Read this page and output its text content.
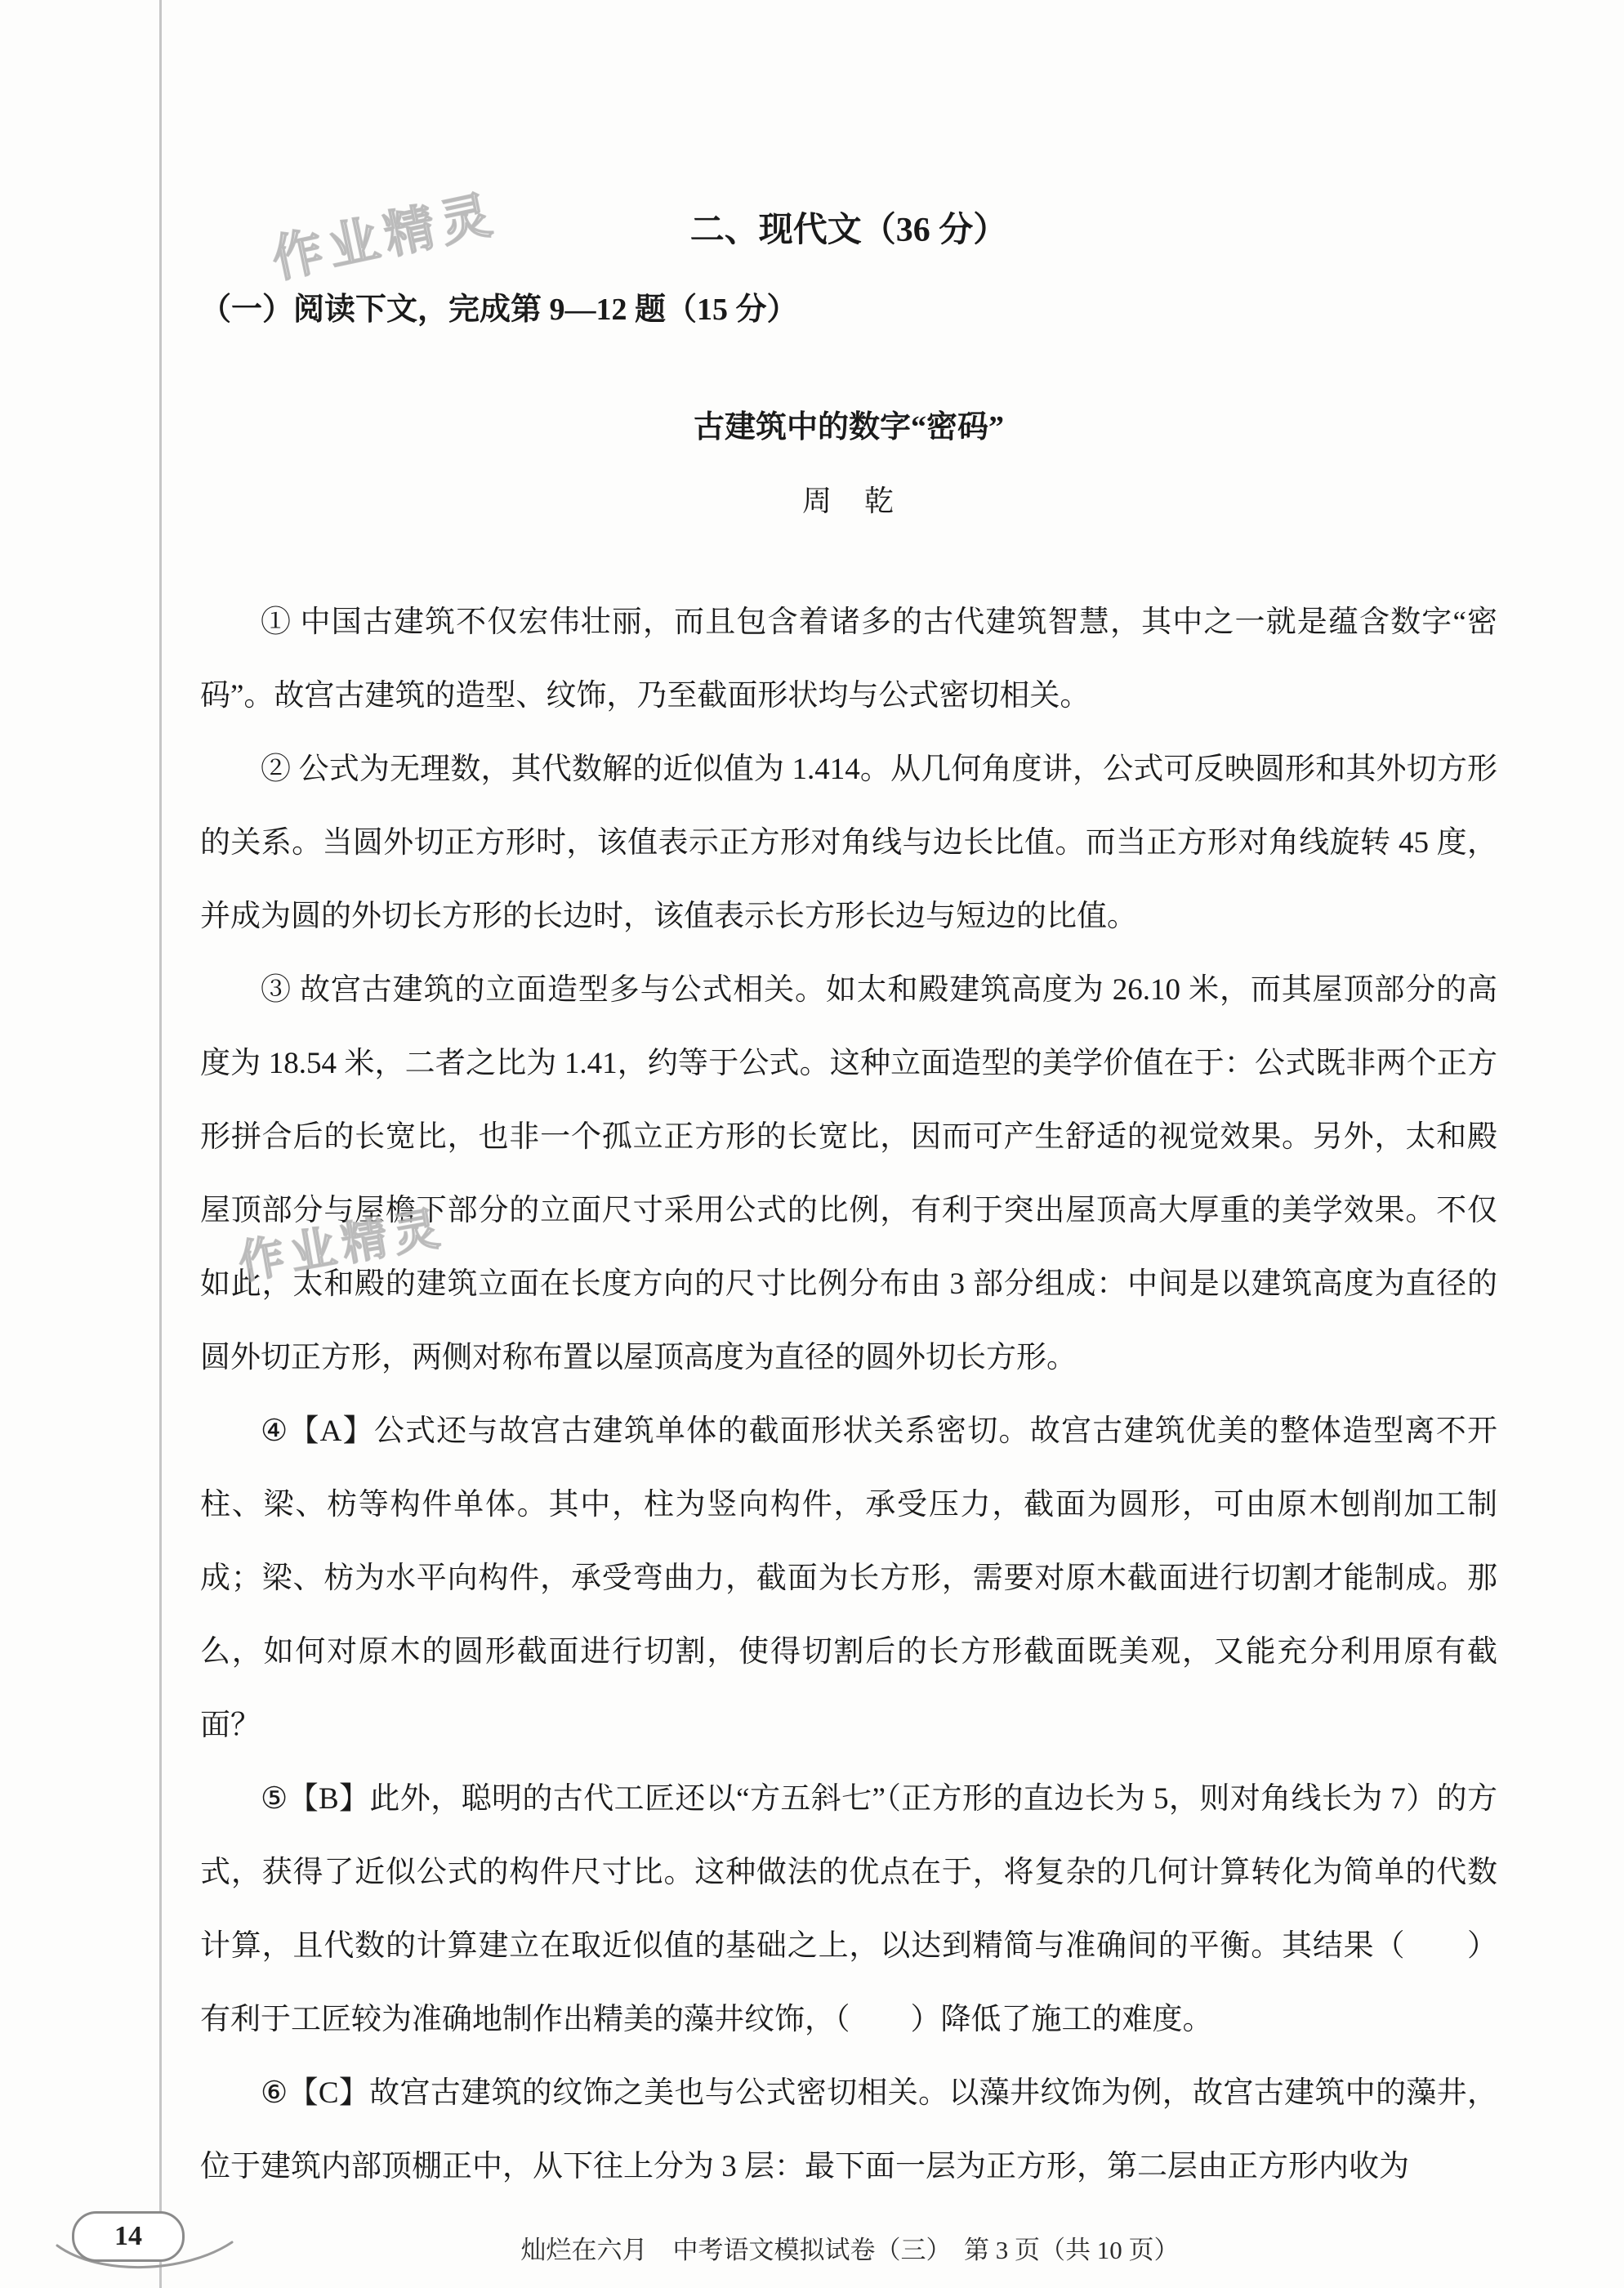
作业精灵
作业精灵
二、现代文（36 分）
（一）阅读下文，完成第 9—12 题（15 分）
古建筑中的数字“密码”
周　乾

① 中国古建筑不仅宏伟壮丽，而且包含着诸多的古代建筑智慧，其中之一就是蕴含数字“密码”。故宫古建筑的造型、纹饰，乃至截面形状均与公式密切相关。

② 公式为无理数，其代数解的近似值为 1.414。从几何角度讲，公式可反映圆形和其外切方形的关系。当圆外切正方形时，该值表示正方形对角线与边长比值。而当正方形对角线旋转 45 度，并成为圆的外切长方形的长边时，该值表示长方形长边与短边的比值。

③ 故宫古建筑的立面造型多与公式相关。如太和殿建筑高度为 26.10 米，而其屋顶部分的高度为 18.54 米，二者之比为 1.41，约等于公式。这种立面造型的美学价值在于：公式既非两个正方形拼合后的长宽比，也非一个孤立正方形的长宽比，因而可产生舒适的视觉效果。另外，太和殿屋顶部分与屋檐下部分的立面尺寸采用公式的比例，有利于突出屋顶高大厚重的美学效果。不仅如此，太和殿的建筑立面在长度方向的尺寸比例分布由 3 部分组成：中间是以建筑高度为直径的圆外切正方形，两侧对称布置以屋顶高度为直径的圆外切长方形。

④【A】公式还与故宫古建筑单体的截面形状关系密切。故宫古建筑优美的整体造型离不开柱、梁、枋等构件单体。其中，柱为竖向构件，承受压力，截面为圆形，可由原木刨削加工制成；梁、枋为水平向构件，承受弯曲力，截面为长方形，需要对原木截面进行切割才能制成。那么，如何对原木的圆形截面进行切割，使得切割后的长方形截面既美观，又能充分利用原有截面？

⑤【B】此外，聪明的古代工匠还以“方五斜七”（正方形的直边长为 5，则对角线长为 7）的方式，获得了近似公式的构件尺寸比。这种做法的优点在于，将复杂的几何计算转化为简单的代数计算，且代数的计算建立在取近似值的基础之上，以达到精简与准确间的平衡。其结果（　　）有利于工匠较为准确地制作出精美的藻井纹饰，（　　）降低了施工的难度。

⑥【C】故宫古建筑的纹饰之美也与公式密切相关。以藻井纹饰为例，故宫古建筑中的藻井，位于建筑内部顶棚正中，从下往上分为 3 层：最下面一层为正方形，第二层由正方形内收为

14	灿烂在六月　中考语文模拟试卷（三）　第 3 页（共 10 页）
